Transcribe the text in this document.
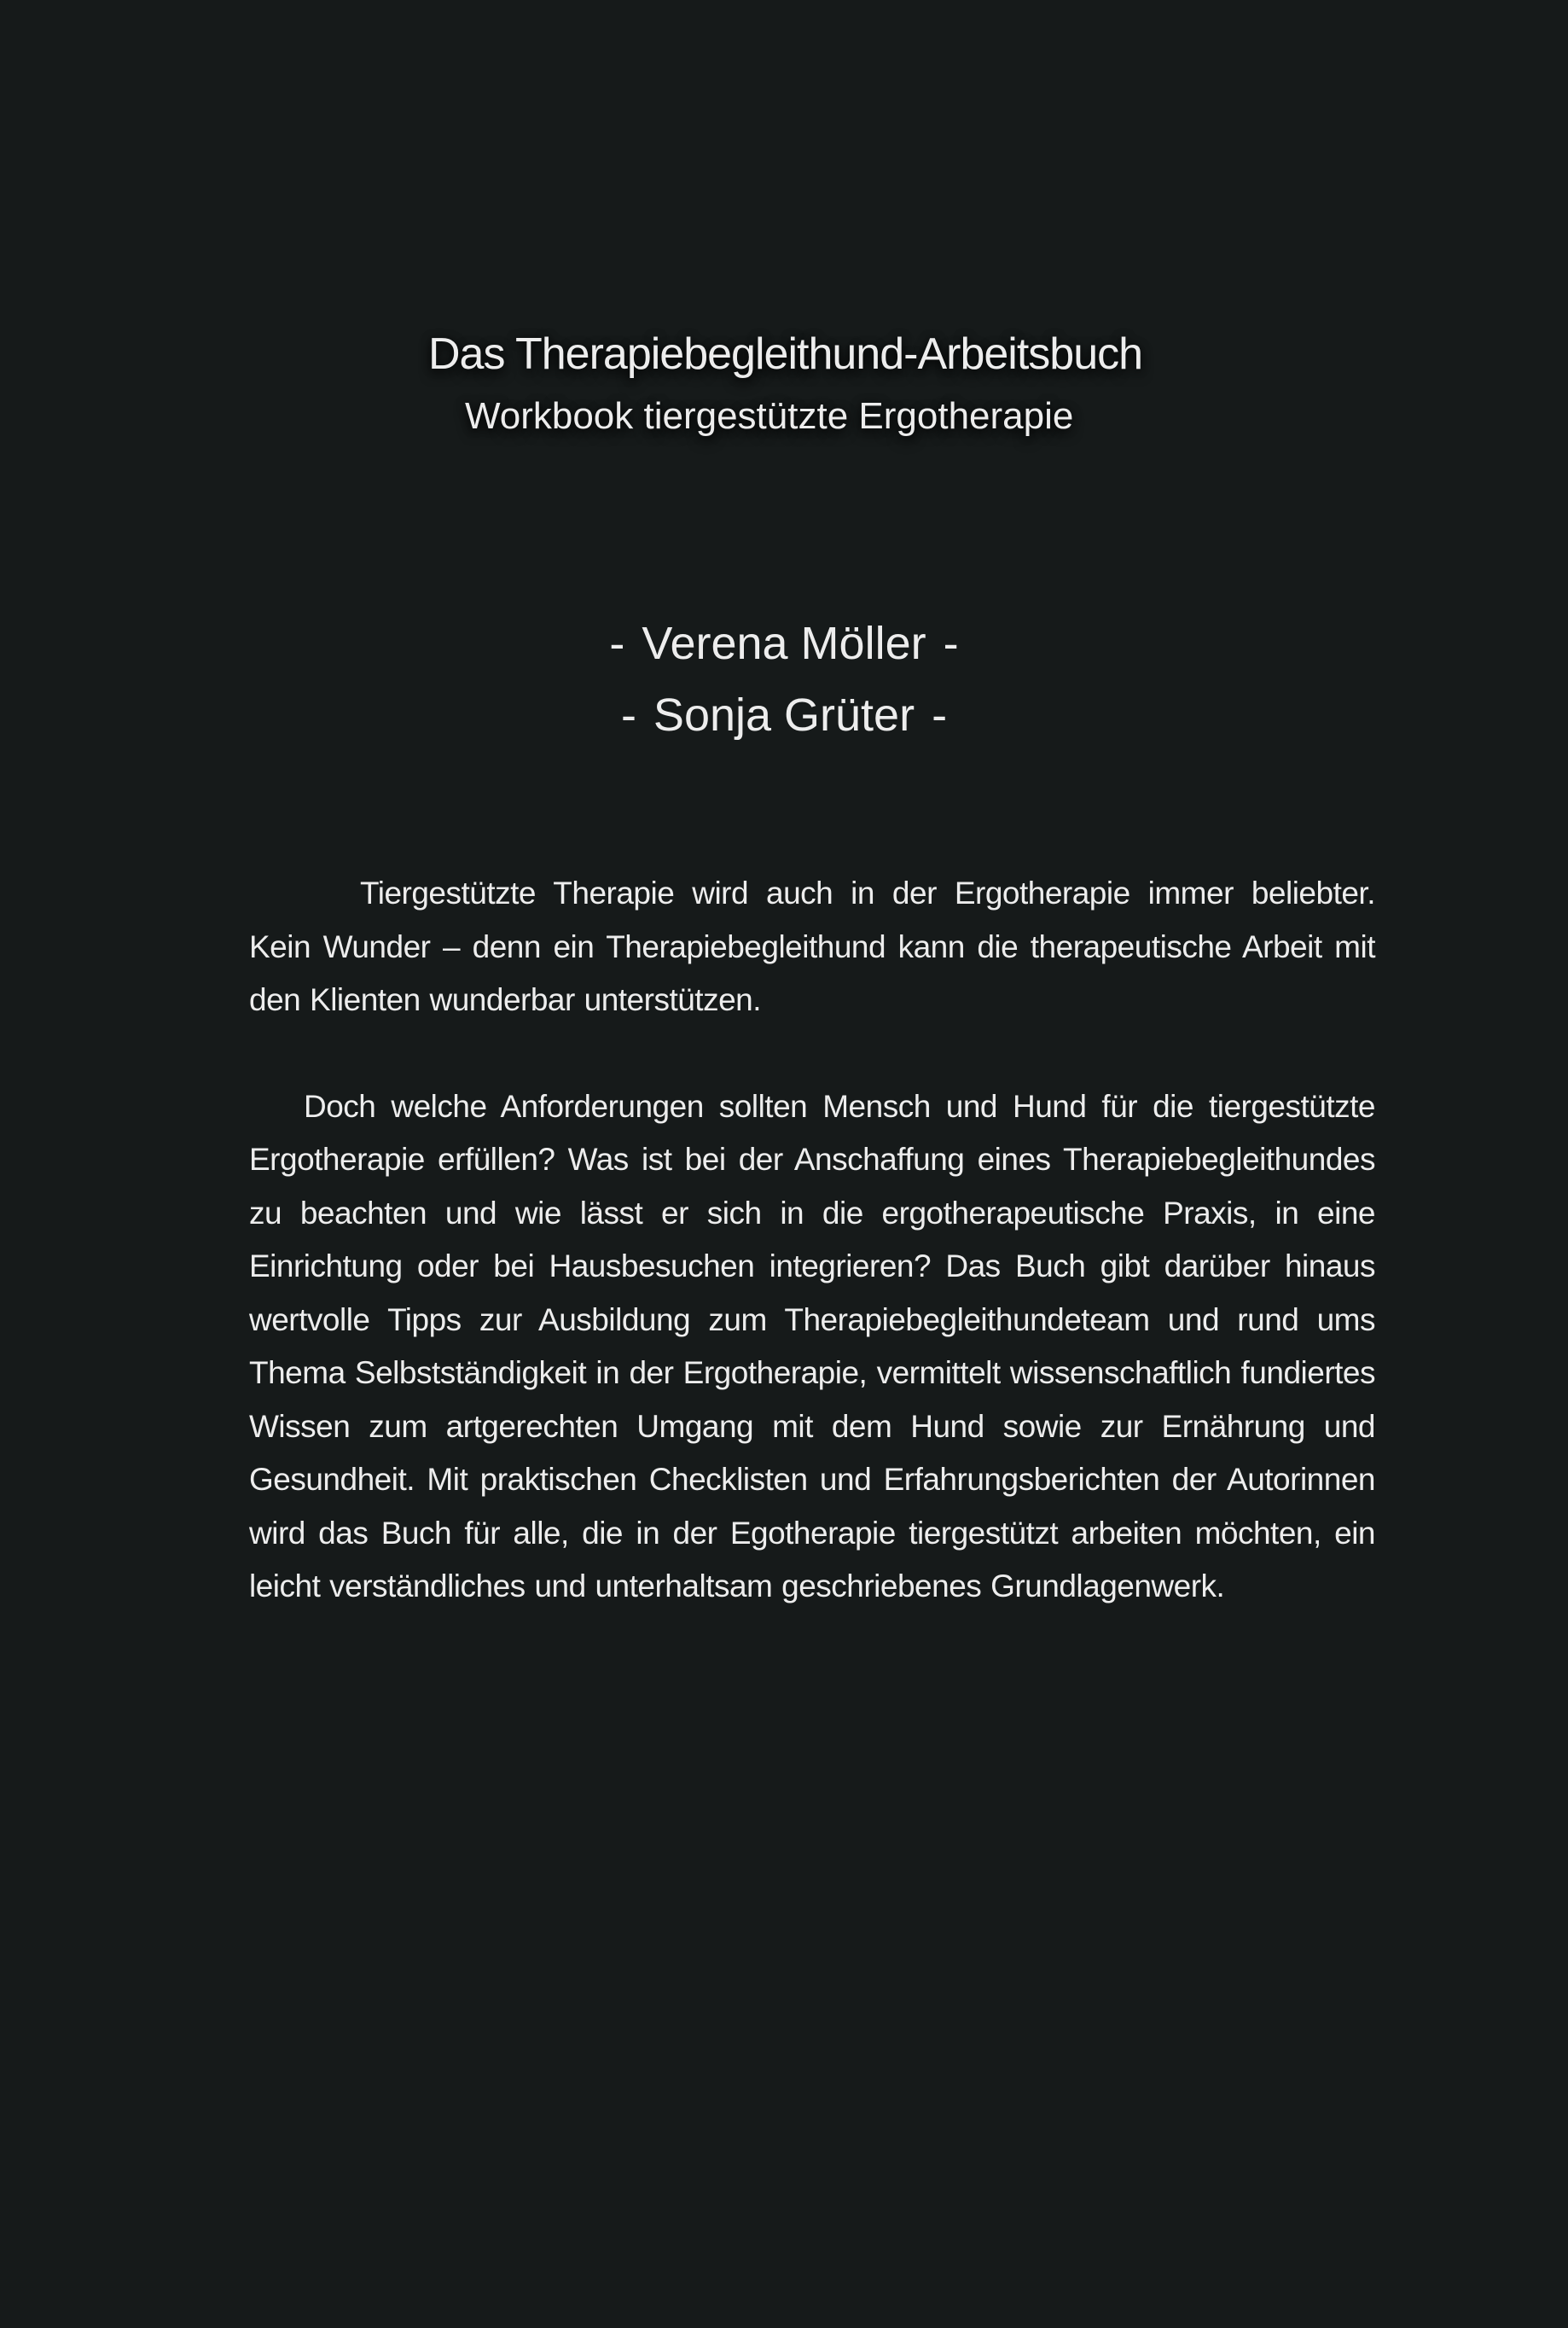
Das Therapiebegleithund-Arbeitsbuch
Workbook tiergestützte Ergotherapie
- Verena Möller -
- Sonja Grüter -

Tiergestützte Therapie wird auch in der Ergotherapie immer beliebter. Kein Wunder – denn ein Therapiebegleithund kann die therapeutische Arbeit mit den Klienten wunderbar unterstützen.

Doch welche Anforderungen sollten Mensch und Hund für die tiergestützte Ergotherapie erfüllen? Was ist bei der Anschaffung eines Therapiebegleithundes zu beachten und wie lässt er sich in die ergotherapeutische Praxis, in eine Einrichtung oder bei Hausbesuchen integrieren? Das Buch gibt darüber hinaus wertvolle Tipps zur Ausbildung zum Therapiebegleithundeteam und rund ums Thema Selbstständigkeit in der Ergotherapie, vermittelt wissenschaftlich fundiertes Wissen zum artgerechten Umgang mit dem Hund sowie zur Ernährung und Gesundheit. Mit praktischen Checklisten und Erfahrungsberichten der Autorinnen wird das Buch für alle, die in der Egotherapie tiergestützt arbeiten möchten, ein leicht verständliches und unterhaltsam geschriebenes Grundlagenwerk.
